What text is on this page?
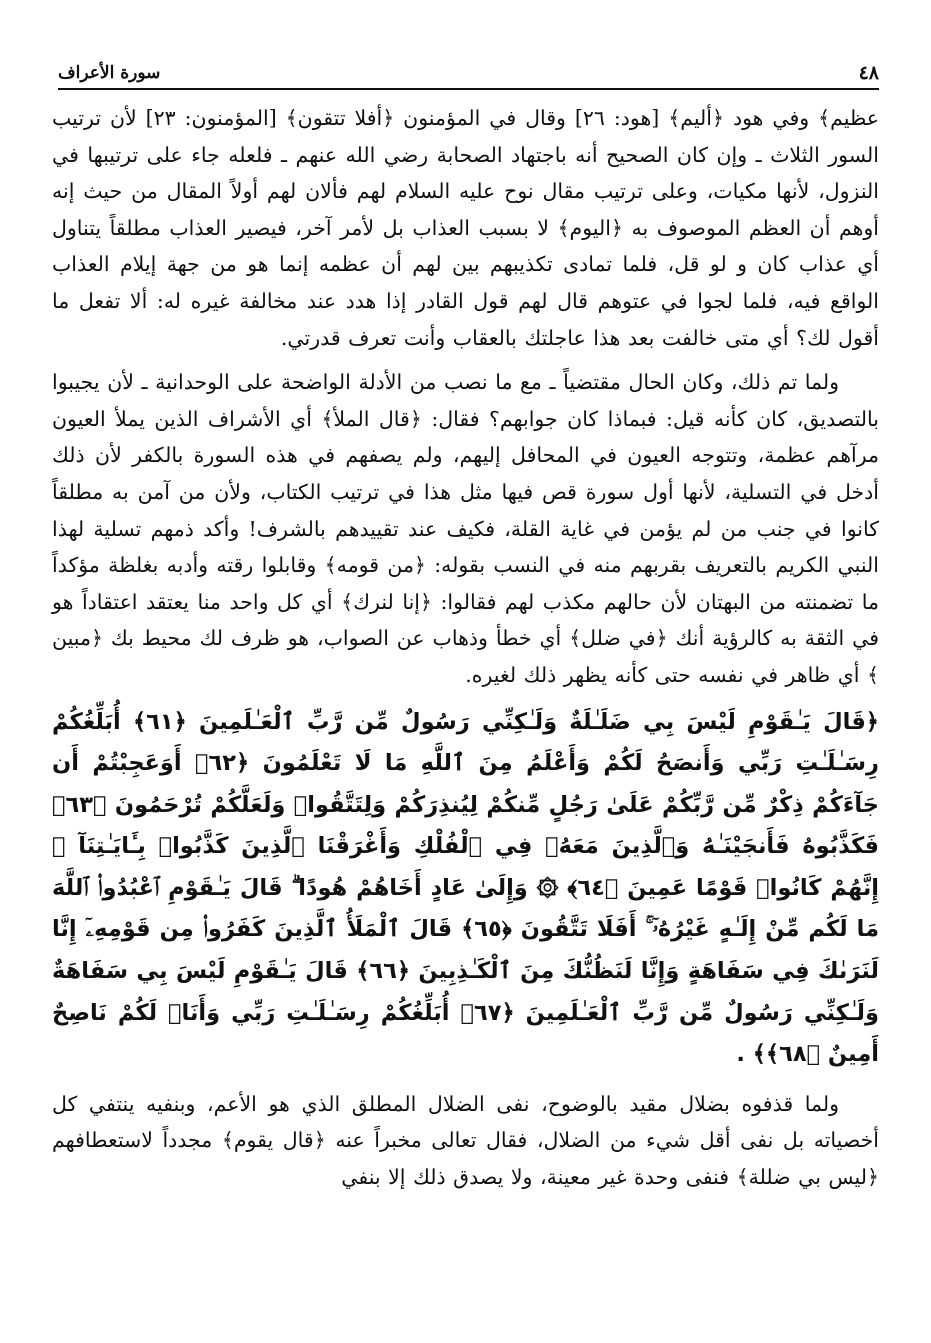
٤٨
سورة الأعراف

عظيم﴾ وفي هود ﴿أليم﴾ [هود: ٢٦] وقال في المؤمنون ﴿أفلا تتقون﴾ [المؤمنون: ٢٣] لأن ترتيب السور الثلاث ـ وإن كان الصحيح أنه باجتهاد الصحابة رضي الله عنهم ـ فلعله جاء على ترتيبها في النزول، لأنها مكيات، وعلى ترتيب مقال نوح عليه السلام لهم فألان لهم أولاً المقال من حيث إنه أوهم أن العظم الموصوف به ﴿اليوم﴾ لا بسبب العذاب بل لأمر آخر، فيصير العذاب مطلقاً يتناول أي عذاب كان و لو قل، فلما تمادى تكذيبهم بين لهم أن عظمه إنما هو من جهة إيلام العذاب الواقع فيه، فلما لجوا في عتوهم قال لهم قول القادر إذا هدد عند مخالفة غيره له: ألا تفعل ما أقول لك؟ أي متى خالفت بعد هذا عاجلتك بالعقاب وأنت تعرف قدرتي.

ولما تم ذلك، وكان الحال مقتضياً ـ مع ما نصب من الأدلة الواضحة على الوحدانية ـ لأن يجيبوا بالتصديق، كان كأنه قيل: فبماذا كان جوابهم؟ فقال: ﴿قال الملأ﴾ أي الأشراف الذين يملأ العيون مرآهم عظمة، وتتوجه العيون في المحافل إليهم، ولم يصفهم في هذه السورة بالكفر لأن ذلك أدخل في التسلية، لأنها أول سورة قص فيها مثل هذا في ترتيب الكتاب، ولأن من آمن به مطلقاً كانوا في جنب من لم يؤمن في غاية القلة، فكيف عند تقييدهم بالشرف! وأكد ذمهم تسلية لهذا النبي الكريم بالتعريف بقربهم منه في النسب بقوله: ﴿من قومه﴾ وقابلوا رقته وأدبه بغلظة مؤكداً ما تضمنته من البهتان لأن حالهم مكذب لهم فقالوا: ﴿إنا لنرك﴾ أي كل واحد منا يعتقد اعتقاداً هو في الثقة به كالرؤية أنك ﴿في ضلل﴾ أي خطأ وذهاب عن الصواب، هو ظرف لك محيط بك ﴿مبين ﴾ أي ظاهر في نفسه حتى كأنه يظهر ذلك لغيره.

﴿قَالَ يَـٰقَوْمِ لَيْسَ بِي ضَلَـٰلَةٌ وَلَـٰكِنِّي رَسُولٌ مِّن رَّبِّ ٱلْعَـٰلَمِينَ ﴿٦١﴾ أُبَلِّغُكُمْ رِسَـٰلَـٰتِ رَبِّي وَأَنصَحُ لَكُمْ وَأَعْلَمُ مِنَ ٱللَّهِ مَا لَا تَعْلَمُونَ ﴿٦٢﴾ أَوَعَجِبْتُمْ أَن جَآءَكُمْ ذِكْرٌ مِّن رَّبِّكُمْ عَلَىٰ رَجُلٍ مِّنكُمْ لِيُنذِرَكُمْ وَلِتَتَّقُوا۟ وَلَعَلَّكُمْ تُرْحَمُونَ ﴿٦٣﴾ فَكَذَّبُوهُ فَأَنجَيْنَـٰهُ وَٱلَّذِينَ مَعَهُۥ فِي ٱلْفُلْكِ وَأَغْرَقْنَا ٱلَّذِينَ كَذَّبُوا۟ بِـَٔايَـٰتِنَآ ۚ إِنَّهُمْ كَانُوا۟ قَوْمًا عَمِينَ ﴿٦٤﴾ ۞ وَإِلَىٰ عَادٍ أَخَاهُمْ هُودًا ۗ قَالَ يَـٰقَوْمِ ٱعْبُدُوا۟ ٱللَّهَ مَا لَكُم مِّنْ إِلَـٰهٍ غَيْرُهُۥٓ ۚ أَفَلَا تَتَّقُونَ ﴿٦٥﴾ قَالَ ٱلْمَلَأُ ٱلَّذِينَ كَفَرُوا۟ مِن قَوْمِهِۦٓ إِنَّا لَنَرَىٰكَ فِي سَفَاهَةٍ وَإِنَّا لَنَظُنُّكَ مِنَ ٱلْكَـٰذِبِينَ ﴿٦٦﴾ قَالَ يَـٰقَوْمِ لَيْسَ بِي سَفَاهَةٌ وَلَـٰكِنِّي رَسُولٌ مِّن رَّبِّ ٱلْعَـٰلَمِينَ ﴿٦٧﴾ أُبَلِّغُكُمْ رِسَـٰلَـٰتِ رَبِّي وَأَنَا۠ لَكُمْ نَاصِحٌ أَمِينٌ ﴿٦٨﴾﴾ .

ولما قذفوه بضلال مقيد بالوضوح، نفى الضلال المطلق الذي هو الأعم، وبنفيه ينتفي كل أخصياته بل نفى أقل شيء من الضلال، فقال تعالى مخبراً عنه ﴿قال يقوم﴾ مجدداً لاستعطافهم ﴿ليس بي ضللة﴾ فنفى وحدة غير معينة، ولا يصدق ذلك إلا بنفي
